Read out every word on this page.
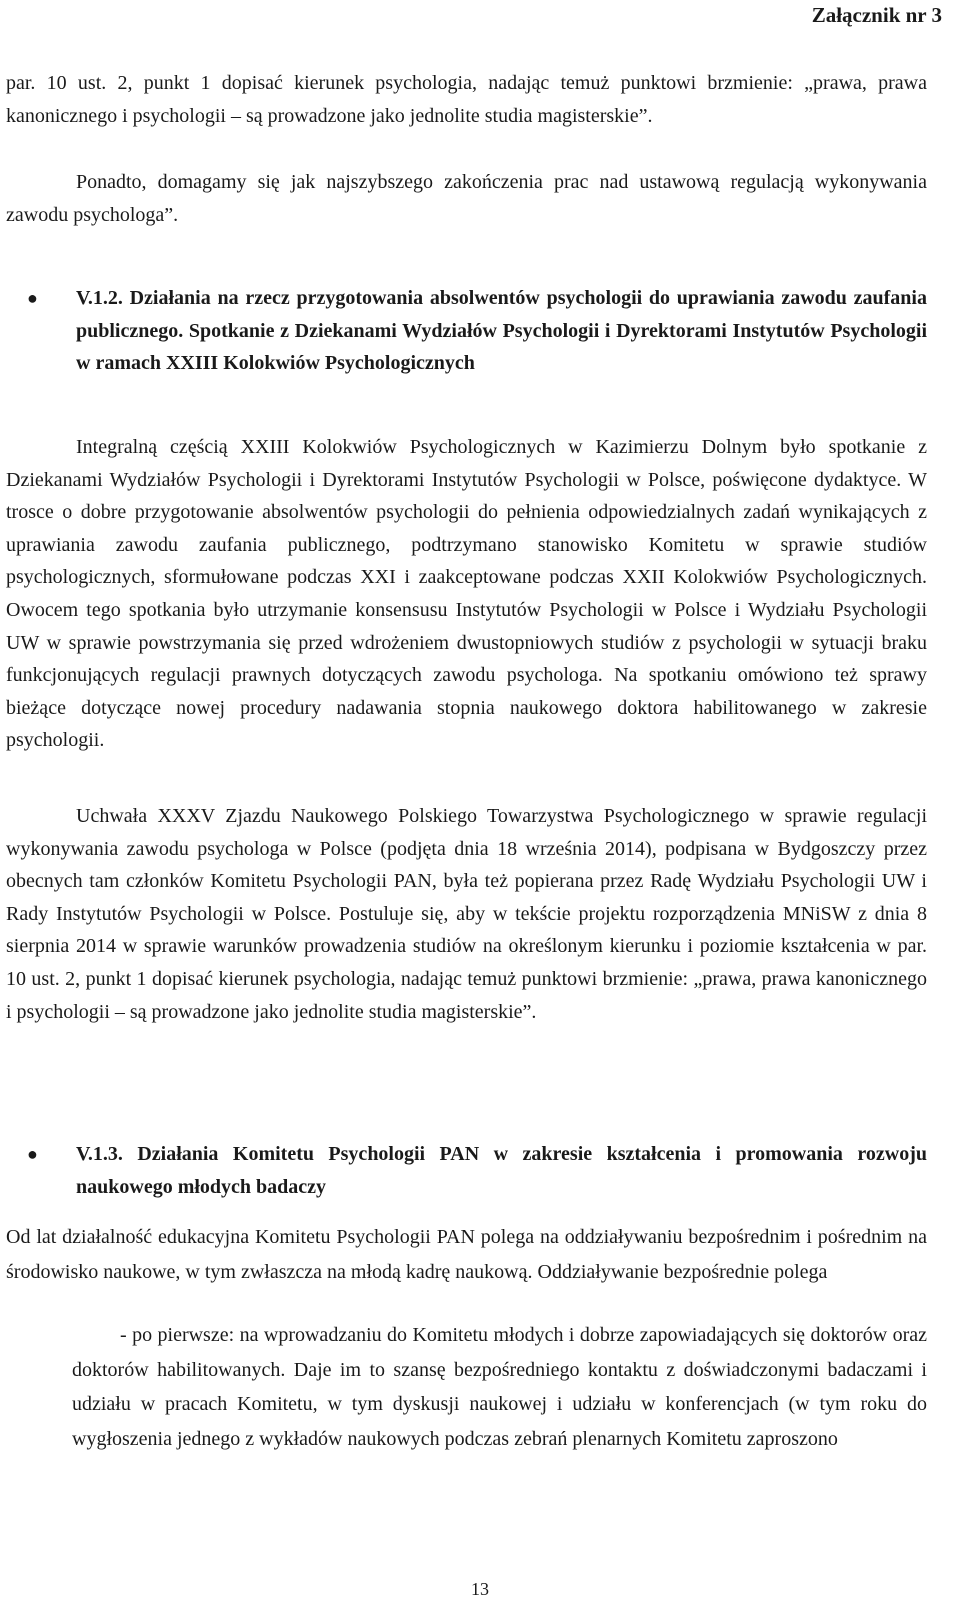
Załącznik nr 3

par. 10 ust. 2, punkt 1 dopisać kierunek psychologia, nadając temuż punktowi brzmienie: „prawa, prawa kanonicznego i psychologii – są prowadzone jako jednolite studia magisterskie”.

Ponadto, domagamy się jak najszybszego zakończenia prac nad ustawową regulacją wykonywania zawodu psychologa”.

● V.1.2. Działania na rzecz przygotowania absolwentów psychologii do uprawiania zawodu zaufania publicznego. Spotkanie z Dziekanami Wydziałów Psychologii i Dyrektorami Instytutów Psychologii w ramach XXIII Kolokwiów Psychologicznych

Integralną częścią XXIII Kolokwiów Psychologicznych w Kazimierzu Dolnym było spotkanie z Dziekanami Wydziałów Psychologii i Dyrektorami Instytutów Psychologii w Polsce, poświęcone dydaktyce. W trosce o dobre przygotowanie absolwentów psychologii do pełnienia odpowiedzialnych zadań wynikających z uprawiania zawodu zaufania publicznego, podtrzymano stanowisko Komitetu w sprawie studiów psychologicznych, sformułowane podczas XXI i zaakceptowane podczas XXII Kolokwiów Psychologicznych. Owocem tego spotkania było utrzymanie konsensusu Instytutów Psychologii w Polsce i Wydziału Psychologii UW w sprawie powstrzymania się przed wdrożeniem dwustopniowych studiów z psychologii w sytuacji braku funkcjonujących regulacji prawnych dotyczących zawodu psychologa. Na spotkaniu omówiono też sprawy bieżące dotyczące nowej procedury nadawania stopnia naukowego doktora habilitowanego w zakresie psychologii.

Uchwała XXXV Zjazdu Naukowego Polskiego Towarzystwa Psychologicznego w sprawie regulacji wykonywania zawodu psychologa w Polsce (podjęta dnia 18 września 2014), podpisana w Bydgoszczy przez obecnych tam członków Komitetu Psychologii PAN, była też popierana przez Radę Wydziału Psychologii UW i Rady Instytutów Psychologii w Polsce. Postuluje się, aby w tekście projektu rozporządzenia MNiSW z dnia 8 sierpnia 2014 w sprawie warunków prowadzenia studiów na określonym kierunku i poziomie kształcenia w par. 10 ust. 2, punkt 1 dopisać kierunek psychologia, nadając temuż punktowi brzmienie: „prawa, prawa kanonicznego i psychologii – są prowadzone jako jednolite studia magisterskie”.

● V.1.3. Działania Komitetu Psychologii PAN w zakresie kształcenia i promowania rozwoju naukowego młodych badaczy

Od lat działalność edukacyjna Komitetu Psychologii PAN polega na oddziaływaniu bezpośrednim i pośrednim na środowisko naukowe, w tym zwłaszcza na młodą kadrę naukową. Oddziaływanie bezpośrednie polega

- po pierwsze: na wprowadzaniu do Komitetu młodych i dobrze zapowiadających się doktorów oraz doktorów habilitowanych. Daje im to szansę bezpośredniego kontaktu z doświadczonymi badaczami i udziału w pracach Komitetu, w tym dyskusji naukowej i udziału w konferencjach (w tym roku do wygłoszenia jednego z wykładów naukowych podczas zebrań plenarnych Komitetu zaproszono

13
